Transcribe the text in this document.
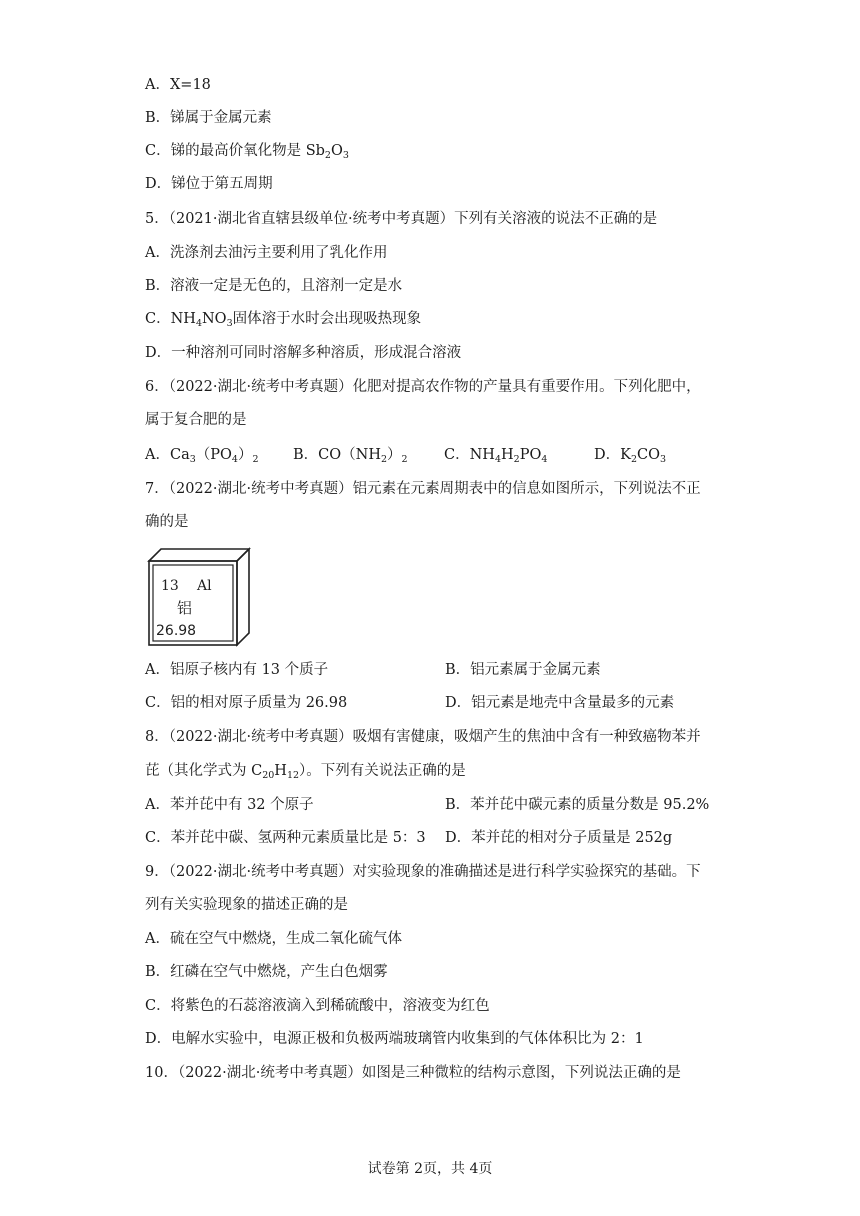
A．X=18
B．锑属于金属元素
C．锑的最高价氧化物是 $Sb_2O_3$
D．锑位于第五周期
5．（2021·湖北省直辖县级单位·统考中考真题）下列有关溶液的说法不正确的是
A．洗涤剂去油污主要利用了乳化作用
B．溶液一定是无色的，且溶剂一定是水
C．$NH_4NO_3$固体溶于水时会出现吸热现象
D．一种溶剂可同时溶解多种溶质，形成混合溶液
6．（2022·湖北·统考中考真题）化肥对提高农作物的产量具有重要作用。下列化肥中，
属于复合肥的是
A．$Ca_3(PO_4)_2$ B．$CO(NH_2)_2$	C．$NH_4H_2PO_4$	D．$K_2CO_3$
7．（2022·湖北·统考中考真题）铝元素在元素周期表中的信息如图所示，下列说法不正
确的是
13 Al
铝
26.98
A．铝原子核内有 13 个质子	B．铝元素属于金属元素
C．铝的相对原子质量为 26.98	D．铝元素是地壳中含量最多的元素
8．（2022·湖北·统考中考真题）吸烟有害健康，吸烟产生的焦油中含有一种致癌物苯并
芘（其化学式为 $C_{20}H_{12}$）。下列有关说法正确的是
A．苯并芘中有 32 个原子	B．苯并芘中碳元素的质量分数是 95.2%
C．苯并芘中碳、氢两种元素质量比是 5：3 D．苯并芘的相对分子质量是 252g
9．（2022·湖北·统考中考真题）对实验现象的准确描述是进行科学实验探究的基础。下
列有关实验现象的描述正确的是
A．硫在空气中燃烧，生成二氧化硫气体
B．红磷在空气中燃烧，产生白色烟雾
C．将紫色的石蕊溶液滴入到稀硫酸中，溶液变为红色
D．电解水实验中，电源正极和负极两端玻璃管内收集到的气体体积比为 2：1
10．（2022·湖北·统考中考真题）如图是三种微粒的结构示意图，下列说法正确的是
试卷第 2页，共 4页
